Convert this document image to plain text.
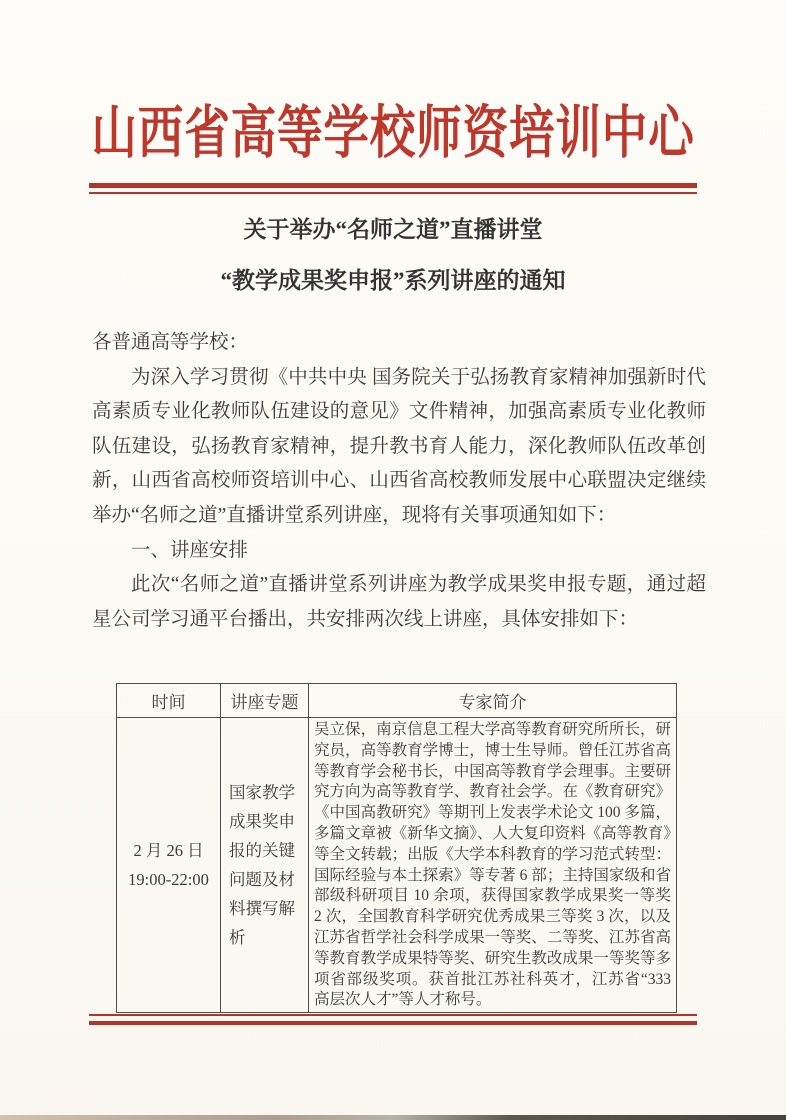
山西省高等学校师资培训中心
关于举办“名师之道”直播讲堂
“教学成果奖申报”系列讲座的通知

各普通高等学校：

为深入学习贯彻《中共中央 国务院关于弘扬教育家精神加强新时代高素质专业化教师队伍建设的意见》文件精神，加强高素质专业化教师队伍建设，弘扬教育家精神，提升教书育人能力，深化教师队伍改革创新，山西省高校师资培训中心、山西省高校教师发展中心联盟决定继续举办“名师之道”直播讲堂系列讲座，现将有关事项通知如下：

一、讲座安排

此次“名师之道”直播讲堂系列讲座为教学成果奖申报专题，通过超星公司学习通平台播出，共安排两次线上讲座，具体安排如下：

时间	讲座专题	专家简介

2 月 26 日
19:00-22:00	国家教学成果奖申报的关键问题及材料撰写解析	吴立保，南京信息工程大学高等教育研究所所长，研究员，高等教育学博士，博士生导师。曾任江苏省高等教育学会秘书长，中国高等教育学会理事。主要研究方向为高等教育学、教育社会学。在《教育研究》《中国高教研究》等期刊上发表学术论文 100 多篇，多篇文章被《新华文摘》、人大复印资料《高等教育》等全文转载；出版《大学本科教育的学习范式转型：国际经验与本土探索》等专著 6 部；主持国家级和省部级科研项目 10 余项，获得国家教学成果奖一等奖 2 次，全国教育科学研究优秀成果三等奖 3 次，以及江苏省哲学社会科学成果一等奖、二等奖、江苏省高等教育教学成果特等奖、研究生教改成果一等奖等多项省部级奖项。获首批江苏社科英才，江苏省“333 高层次人才”等人才称号。
